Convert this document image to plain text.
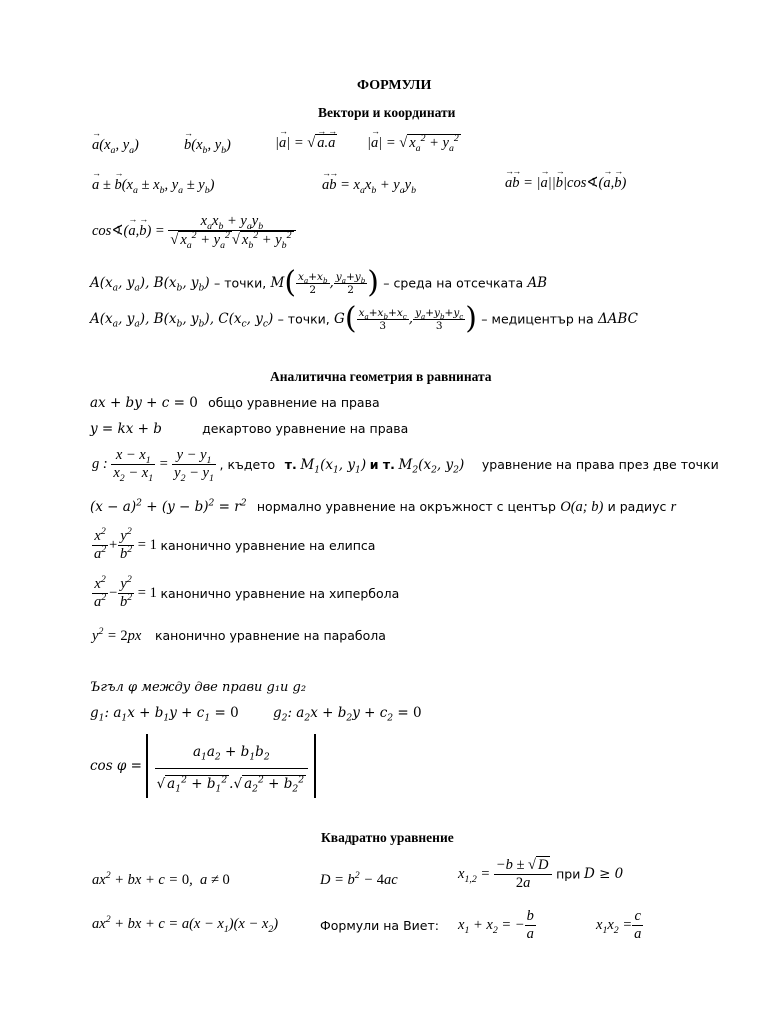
ФОРМУЛИ
Вектори и координати
→ $a(x_a$, $y_a$)	→ $b(x_b$, $y_b$)	|→ a| = √ → a.→ a |→ a| = √ $x_a^2 + y_a^2$
→ a ± → $b(x_a \pm x_b$, $y_a \pm y_b$)	→ $a\to b = x_ax_b + y_ay_b$	→ a→ b = |→ a||→ b|cos∢(→ a,→ b)
cos∢(→ $a,\to b) = \frac{x_ax_b + y_ay_b}{√ x_a^2 + y_a^2 √ x_b^2 + y_b^2}$
$A(x_a$, $y_a$), $B(x_b$, $y_b$) – точки, $M( \frac{x_a+x_b}{2}$ , $\frac{y_a+y_b}{2}$ ) – среда на отсечката AB
$A(x_a$, $y_a$), $B(x_b$, $y_b$), $C(x_c$, $y_c$) – точки, $G( \frac{x_a+x_b+x_c}{3}$ , $\frac{y_a+y_b+y_c}{3}$ ) – медицентър на ΔABC
Аналитична геометрия в равнината
ax + by + c = 0 общо уравнение на права
y = kx + b	декартово уравнение на права
g : $\frac{x - x_1}{x_2 - x_1} = \frac{y - y_1}{y_2 - y_1}$ , където т. $M_1(x_1$, $y_1$) и т. $M_2(x_2$, $y_2$) уравнение на права през две точки
$(x - a)^2 + (y - b)^2 = r^2$ нормално уравнение на окръжност с център O(a; b) и радиус r
$\frac{x^2}{a^2} + \frac{y^2}{b^2} = 1$ канонично уравнение на елипса
$\frac{x^2}{a^2} - \frac{y^2}{b^2} = 1$ канонично уравнение на хипербола
$y^2 = 2px$ канонично уравнение на парабола
Ъгъл φ между две прави g₁и g₂
$g_1$: $a_1x + b_1y + c_1 = 0$	$g_2$: $a_2x + b_2y + c_2 = 0$
$\cos \varphi = \frac{a_1a_2 + b_1b_2}{√ a_1^2 + b_1^2 .√ a_2^2 + b_2^2}$

Квадратно уравнение
$ax^2$ + bx + c = 0,  a ≠ 0	$D = b^2 - 4ac$	$x_{1,2} = \frac{-b \pm √ D}{2a}$ при D ≥ 0
$ax^2$ + bx + $c = a(x - x_1)(x - x_2)$	Формули на Виет: $x_1 + x_2$ = − $\frac{b}{a}$	$x_1x_2 = \frac{c}{a}$
